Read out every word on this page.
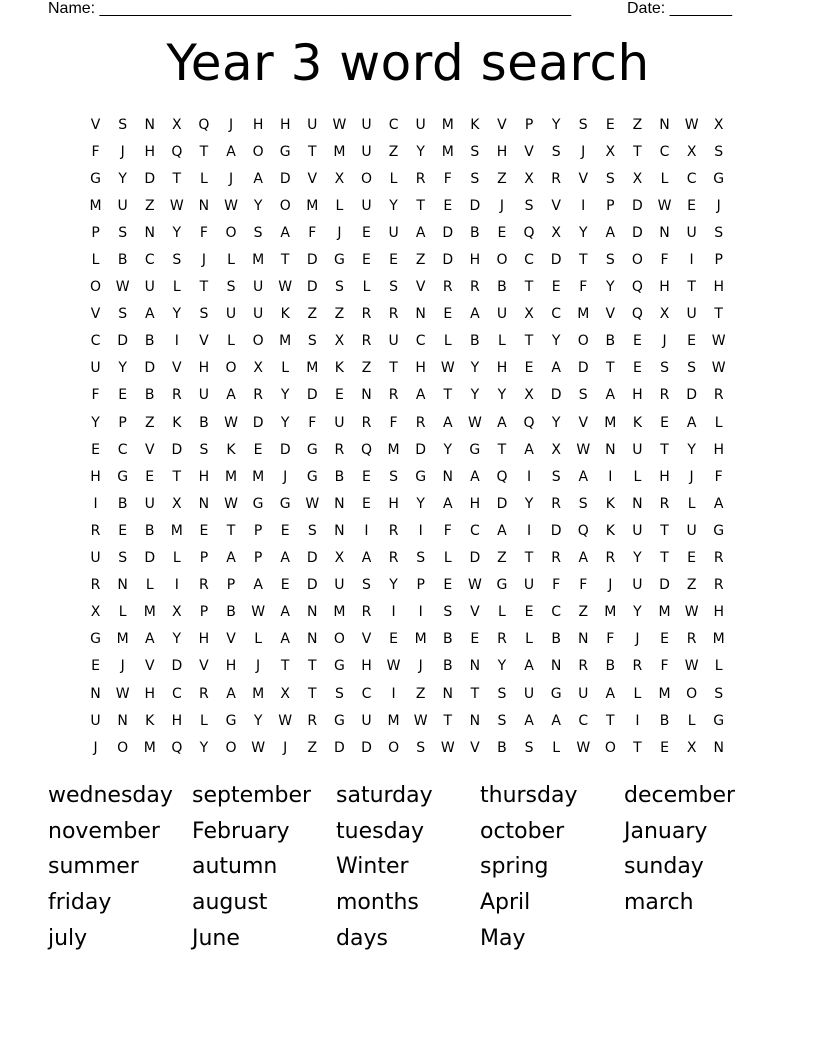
Name: _____________________________________________________	Date: _______
Year 3 word search
V	S	N	X	Q	J	H	H	U	W	U	C	U	M	K	V	P	Y	S	E	Z	N	W	X
F	J	H	Q	T	A	O	G	T	M	U	Z	Y	M	S	H	V	S	J	X	T	C	X	S
G	Y	D	T	L	J	A	D	V	X	O	L	R	F	S	Z	X	R	V	S	X	L	C	G
M	U	Z	W	N	W	Y	O	M	L	U	Y	T	E	D	J	S	V	I	P	D	W	E	J
P	S	N	Y	F	O	S	A	F	J	E	U	A	D	B	E	Q	X	Y	A	D	N	U	S
L	B	C	S	J	L	M	T	D	G	E	E	Z	D	H	O	C	D	T	S	O	F	I	P
O	W	U	L	T	S	U	W	D	S	L	S	V	R	R	B	T	E	F	Y	Q	H	T	H
V	S	A	Y	S	U	U	K	Z	Z	R	R	N	E	A	U	X	C	M	V	Q	X	U	T
C	D	B	I	V	L	O	M	S	X	R	U	C	L	B	L	T	Y	O	B	E	J	E	W
U	Y	D	V	H	O	X	L	M	K	Z	T	H	W	Y	H	E	A	D	T	E	S	S	W
F	E	B	R	U	A	R	Y	D	E	N	R	A	T	Y	Y	X	D	S	A	H	R	D	R
Y	P	Z	K	B	W	D	Y	F	U	R	F	R	A	W	A	Q	Y	V	M	K	E	A	L
E	C	V	D	S	K	E	D	G	R	Q	M	D	Y	G	T	A	X	W	N	U	T	Y	H
H	G	E	T	H	M	M	J	G	B	E	S	G	N	A	Q	I	S	A	I	L	H	J	F
I	B	U	X	N	W	G	G	W	N	E	H	Y	A	H	D	Y	R	S	K	N	R	L	A
R	E	B	M	E	T	P	E	S	N	I	R	I	F	C	A	I	D	Q	K	U	T	U	G
U	S	D	L	P	A	P	A	D	X	A	R	S	L	D	Z	T	R	A	R	Y	T	E	R
R	N	L	I	R	P	A	E	D	U	S	Y	P	E	W	G	U	F	F	J	U	D	Z	R
X	L	M	X	P	B	W	A	N	M	R	I	I	S	V	L	E	C	Z	M	Y	M	W	H
G	M	A	Y	H	V	L	A	N	O	V	E	M	B	E	R	L	B	N	F	J	E	R	M
E	J	V	D	V	H	J	T	T	G	H	W	J	B	N	Y	A	N	R	B	R	F	W	L
N	W	H	C	R	A	M	X	T	S	C	I	Z	N	T	S	U	G	U	A	L	M	O	S
U	N	K	H	L	G	Y	W	R	G	U	M	W	T	N	S	A	A	C	T	I	B	L	G
J	O	M	Q	Y	O	W	J	Z	D	D	O	S	W	V	B	S	L	W	O	T	E	X	N
wednesday september	saturday	thursday	december
november	February	tuesday	october	January
summer	autumn	Winter	spring	sunday
friday	august	months	April	march
july	June	days	May
